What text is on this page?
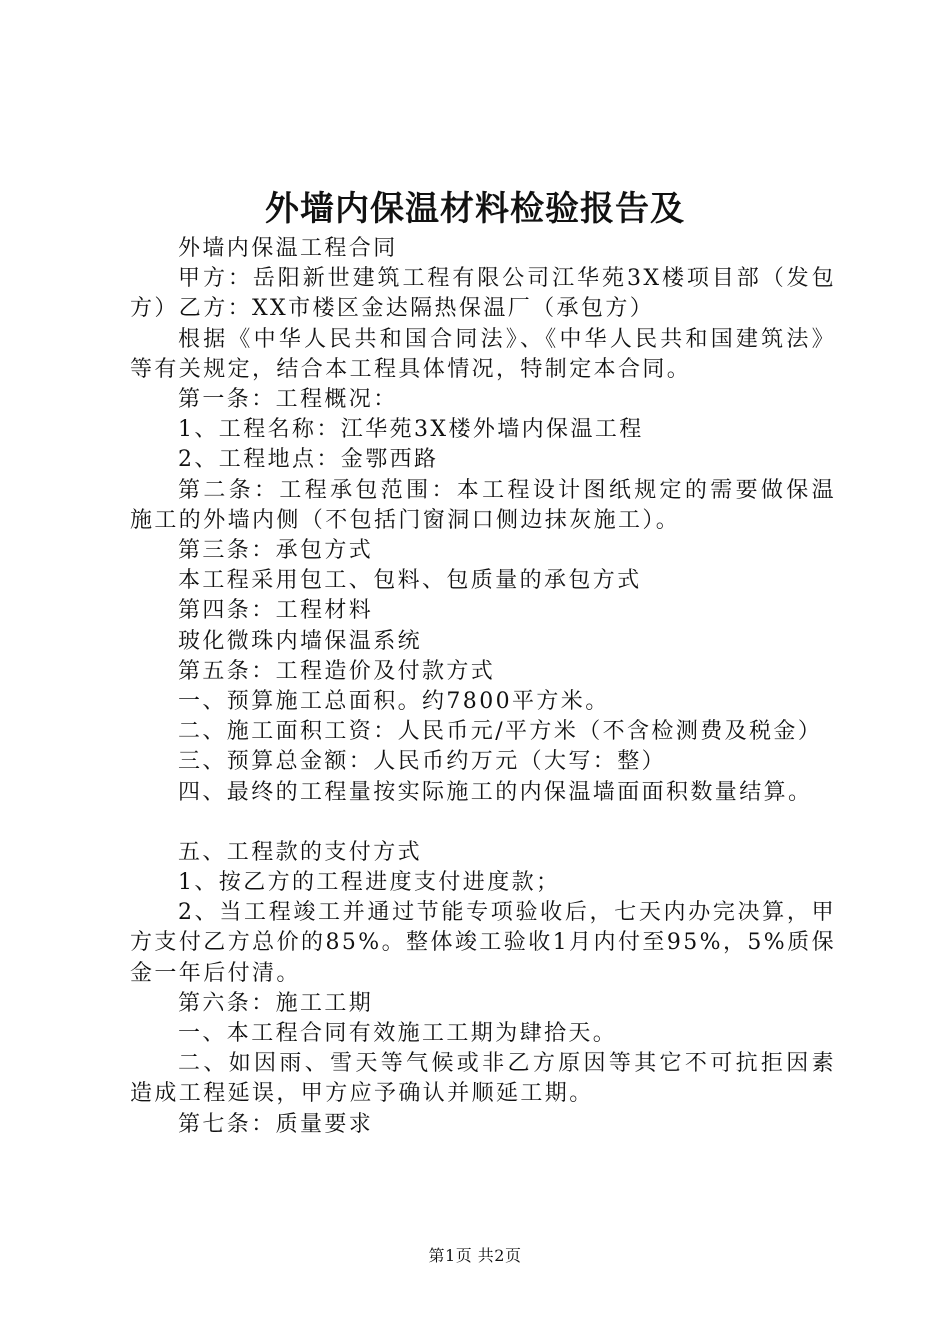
外墙内保温材料检验报告及

外墙内保温工程合同

甲方：岳阳新世建筑工程有限公司江华苑3X楼项目部（发包方）乙方：XX市楼区金达隔热保温厂（承包方）

根据《中华人民共和国合同法》、《中华人民共和国建筑法》等有关规定，结合本工程具体情况，特制定本合同。

第一条：工程概况：

1、工程名称：江华苑3X楼外墙内保温工程

2、工程地点：金鄂西路

第二条：工程承包范围：本工程设计图纸规定的需要做保温施工的外墙内侧（不包括门窗洞口侧边抹灰施工）。

第三条：承包方式

本工程采用包工、包料、包质量的承包方式

第四条：工程材料

玻化微珠内墙保温系统

第五条：工程造价及付款方式

一、预算施工总面积。约7800平方米。

二、施工面积工资：人民币元/平方米（不含检测费及税金）

三、预算总金额：人民币约万元（大写：整）

四、最终的工程量按实际施工的内保温墙面面积数量结算。

五、工程款的支付方式

1、按乙方的工程进度支付进度款；

2、当工程竣工并通过节能专项验收后，七天内办完决算，甲方支付乙方总价的85%。整体竣工验收1月内付至95%，5%质保金一年后付清。

第六条：施工工期

一、本工程合同有效施工工期为肆拾天。

二、如因雨、雪天等气候或非乙方原因等其它不可抗拒因素造成工程延误，甲方应予确认并顺延工期。

第七条：质量要求

第1页 共2页
